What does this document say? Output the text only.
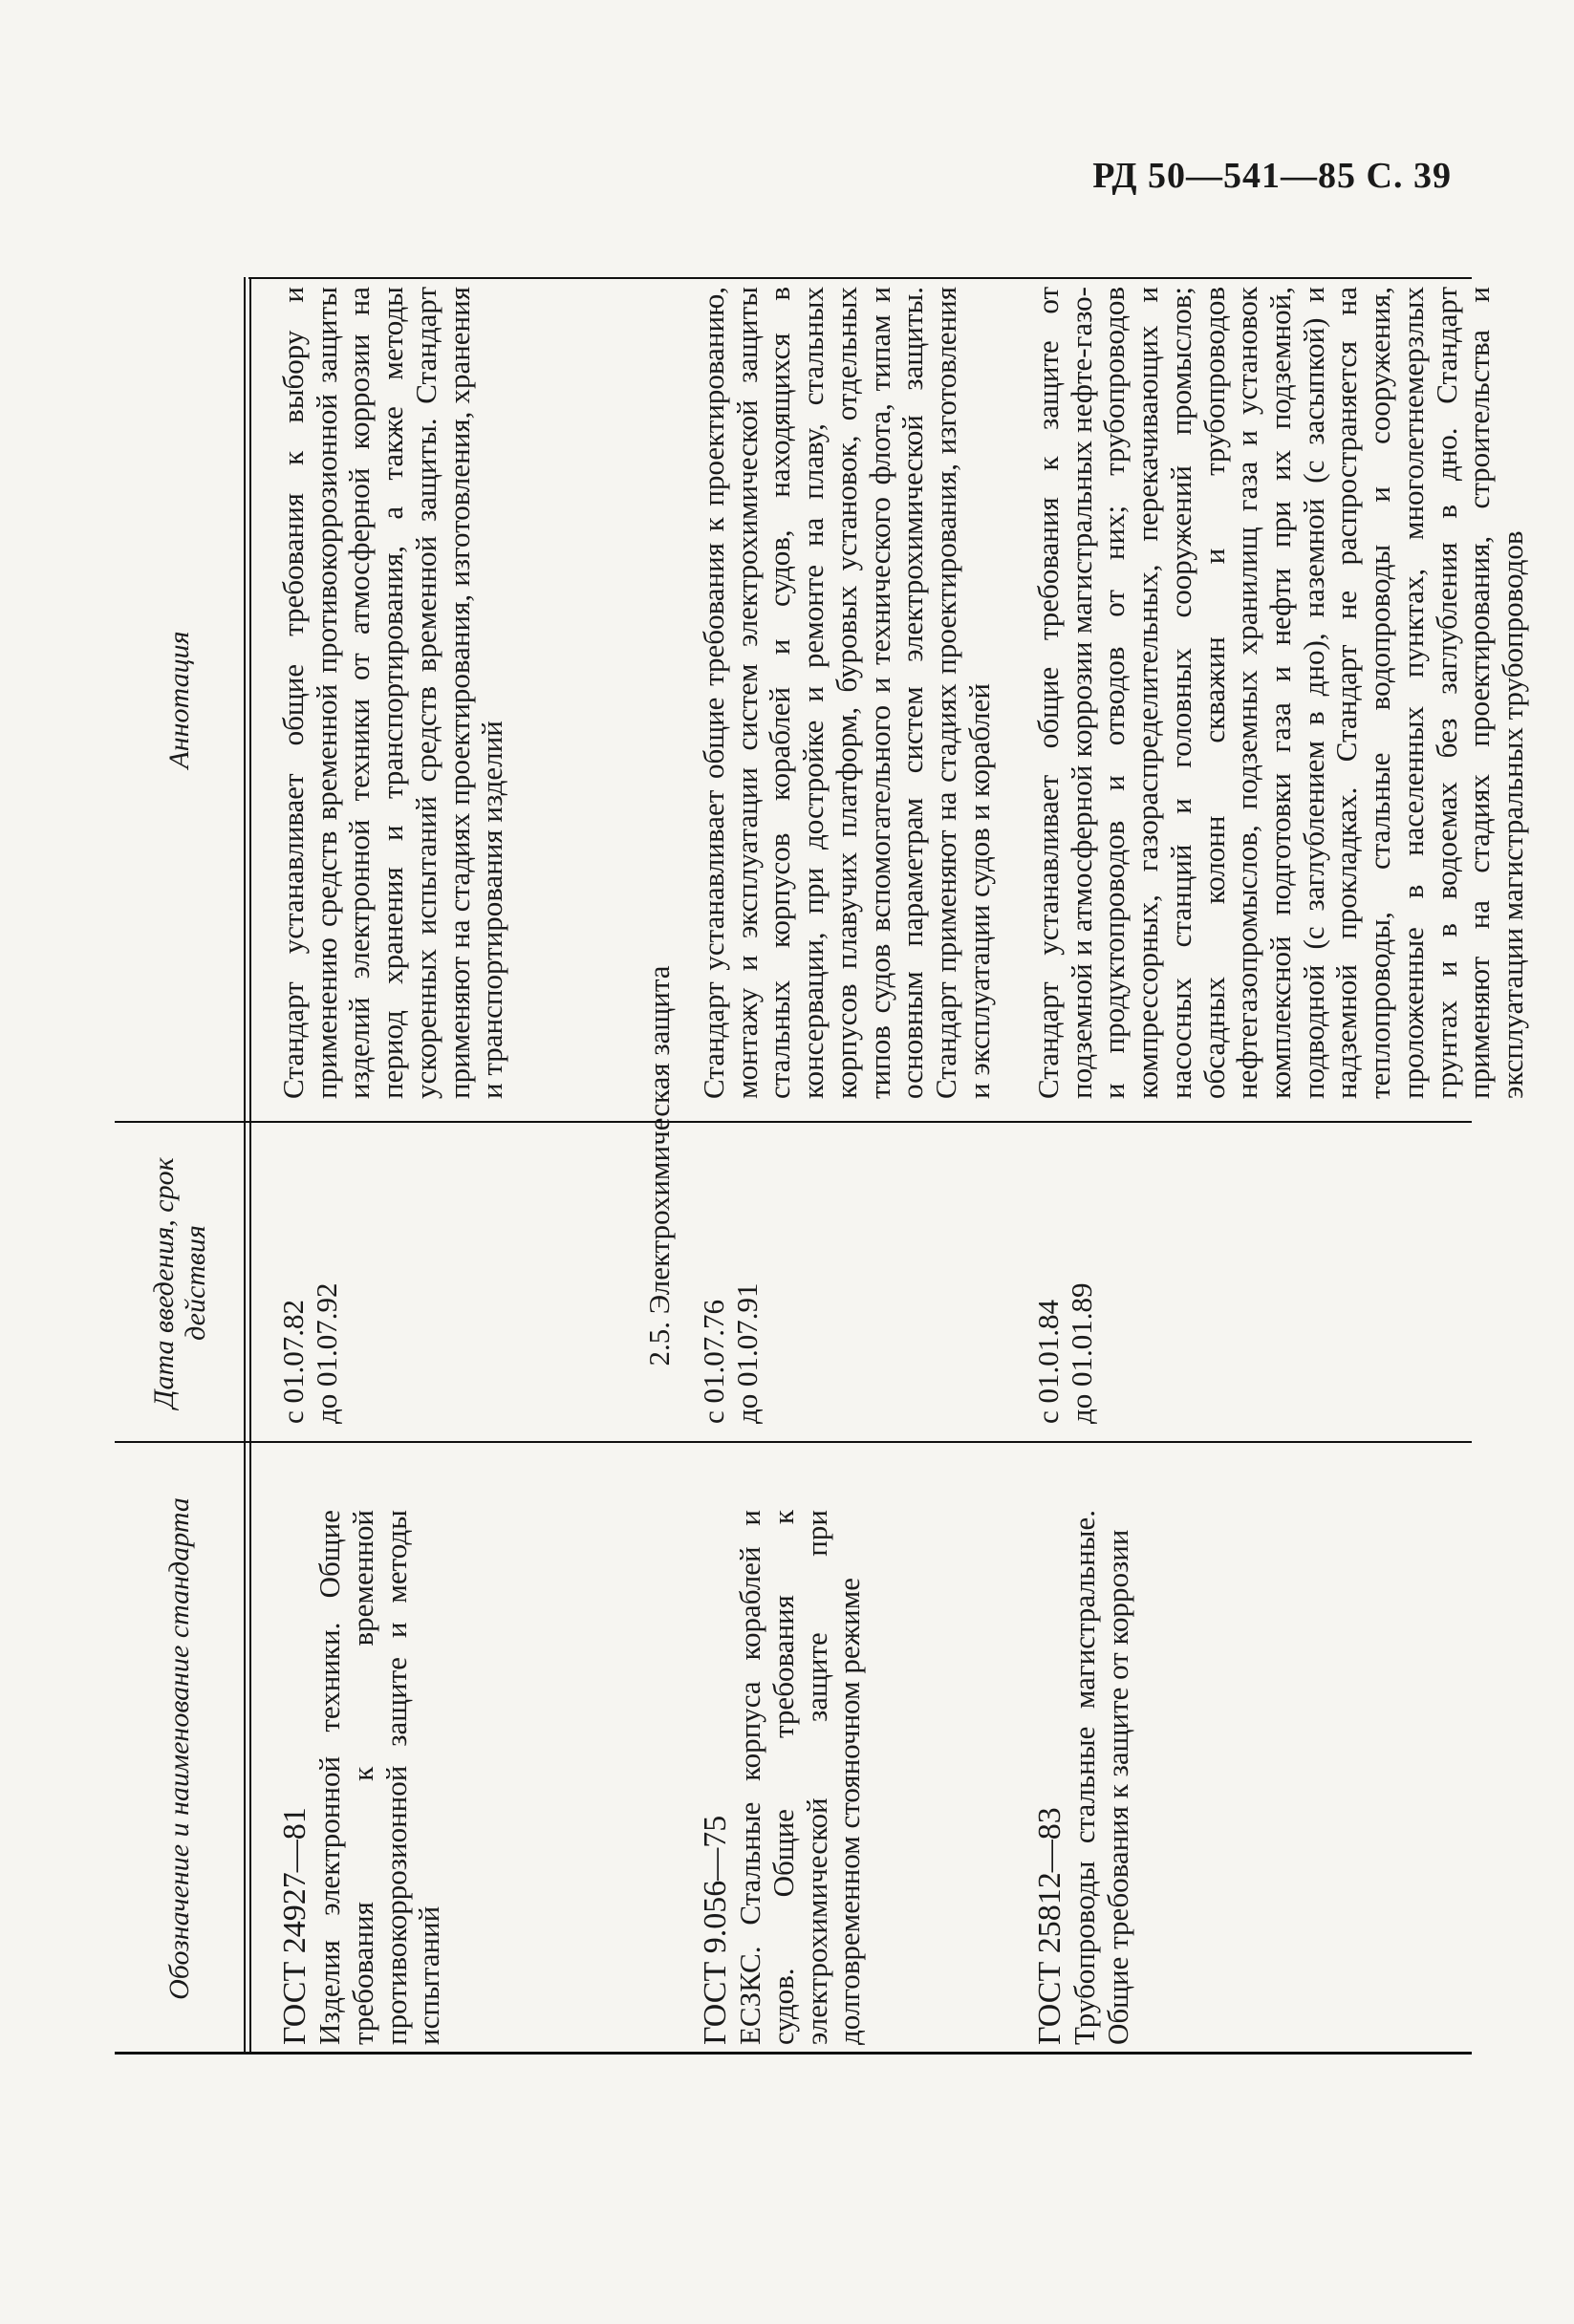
РД 50—541—85 С. 39
Обозначение и наименование стандарта
Дата введения, срок действия
Аннотация
ГОСТ 24927—81 Изделия электронной техники. Общие требования к временной противокоррозионной защите и методы испытаний
с 01.07.82 до 01.07.92
Стандарт устанавливает общие требования к выбору и применению средств временной противокоррозионной защиты изделий электронной техники от атмосферной коррозии на период хранения и транспортирования, а также методы ускоренных испытаний средств временной защиты. Стандарт применяют на стадиях проектирования, изготовления, хранения и транспортирования изделий
2.5. Электрохимическая защита
ГОСТ 9.056—75 ЕСЗКС. Стальные корпуса кораблей и судов. Общие требования к электрохимической защите при долговременном стояночном режиме
с 01.07.76 до 01.07.91
Стандарт устанавливает общие требования к проектированию, монтажу и эксплуатации систем электрохимической защиты стальных корпусов кораблей и судов, находящихся в консервации, при достройке и ремонте на плаву, стальных корпусов плавучих платформ, буровых установок, отдельных типов судов вспомогательного и технического флота, типам и основным параметрам систем электрохимической защиты. Стандарт применяют на стадиях проектирования, изготовления и эксплуатации судов и кораблей
ГОСТ 25812—83 Трубопроводы стальные магистральные. Общие требования к защите от коррозии
с 01.01.84 до 01.01.89
Стандарт устанавливает общие требования к защите от подземной и атмосферной коррозии магистральных нефте-газо- и продуктопроводов и отводов от них; трубопроводов компрессорных, газораспределительных, перекачивающих и насосных станций и головных сооружений промыслов; обсадных колонн скважин и трубопроводов нефтегазопромыслов, подземных хранилищ газа и установок комплексной подготовки газа и нефти при их подземной, подводной (с заглублением в дно), наземной (с засыпкой) и надземной прокладках. Стандарт не распространяется на теплопроводы, стальные водопроводы и сооружения, проложенные в населенных пунктах, многолетнемерзлых грунтах и в водоемах без заглубления в дно. Стандарт применяют на стадиях проектирования, строительства и эксплуатации магистральных трубопроводов
